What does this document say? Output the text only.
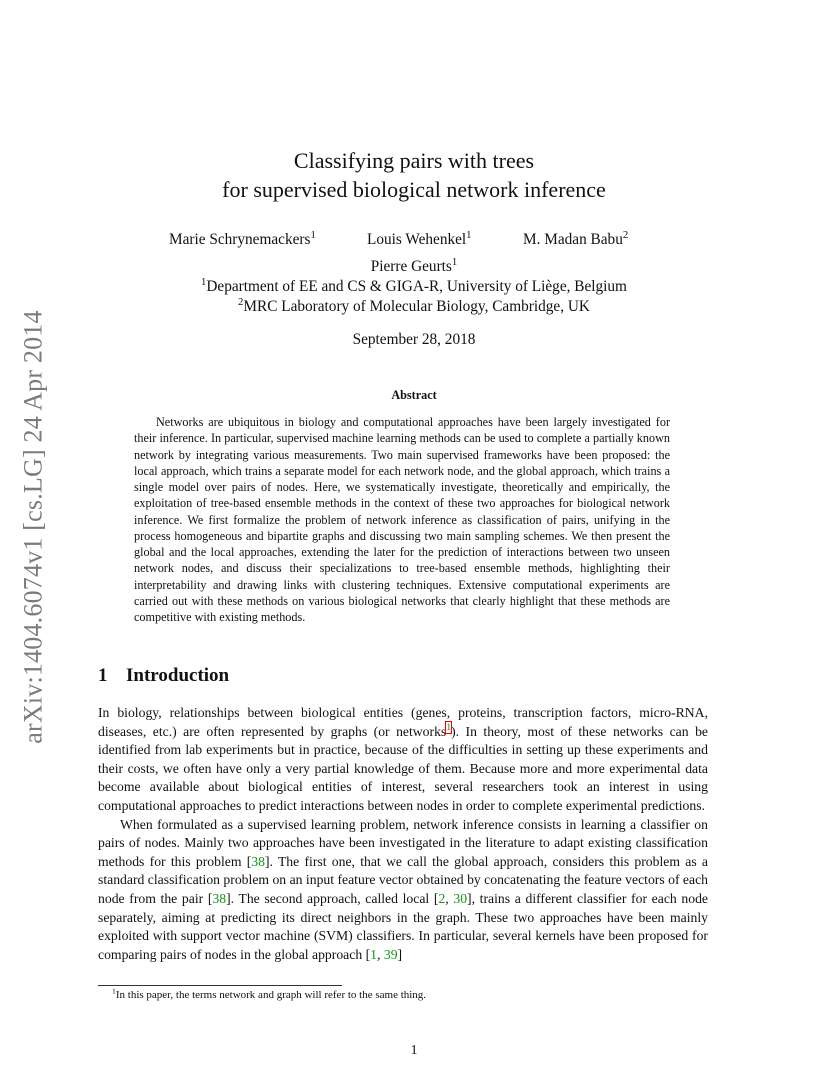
arXiv:1404.6074v1 [cs.LG] 24 Apr 2014
Classifying pairs with trees
for supervised biological network inference
Marie Schrynemackers$^1$	Louis Wehenkel$^1$	M. Madan Babu$^2$
Pierre Geurts$^1$
$^1$Department of EE and CS & GIGA-R, University of Liège, Belgium
$^2$MRC Laboratory of Molecular Biology, Cambridge, UK
September 28, 2018
Abstract
Networks are ubiquitous in biology and computational approaches have been largely investigated for their inference. In particular, supervised machine learning methods can be used to complete a partially known network by integrating various measurements. Two main supervised frameworks have been proposed: the local approach, which trains a separate model for each network node, and the global approach, which trains a single model over pairs of nodes. Here, we systematically investigate, theoretically and empirically, the exploitation of tree-based ensemble methods in the context of these two approaches for biological network inference. We first formalize the problem of network inference as classification of pairs, unifying in the process homogeneous and bipartite graphs and discussing two main sampling schemes. We then present the global and the local approaches, extending the later for the prediction of interactions between two unseen network nodes, and discuss their specializations to tree-based ensemble methods, highlighting their interpretability and drawing links with clustering techniques. Extensive computational experiments are carried out with these methods on various biological networks that clearly highlight that these methods are competitive with existing methods.
1 Introduction

In biology, relationships between biological entities (genes, proteins, transcription factors, micro-RNA, diseases, etc.) are often represented by graphs (or networks$^1$). In theory, most of these networks can be identified from lab experiments but in practice, because of the difficulties in setting up these experiments and their costs, we often have only a very partial knowledge of them. Because more and more experimental data become available about biological entities of interest, several researchers took an interest in using computational approaches to predict interactions between nodes in order to complete experimental predictions.

When formulated as a supervised learning problem, network inference consists in learning a classifier on pairs of nodes. Mainly two approaches have been investigated in the literature to adapt existing classification methods for this problem [38]. The first one, that we call the global approach, considers this problem as a standard classification problem on an input feature vector obtained by concatenating the feature vectors of each node from the pair [38]. The second approach, called local [2, 30], trains a different classifier for each node separately, aiming at predicting its direct neighbors in the graph. These two approaches have been mainly exploited with support vector machine (SVM) classifiers. In particular, several kernels have been proposed for comparing pairs of nodes in the global approach [1, 39]

$^1$In this paper, the terms network and graph will refer to the same thing.
1
